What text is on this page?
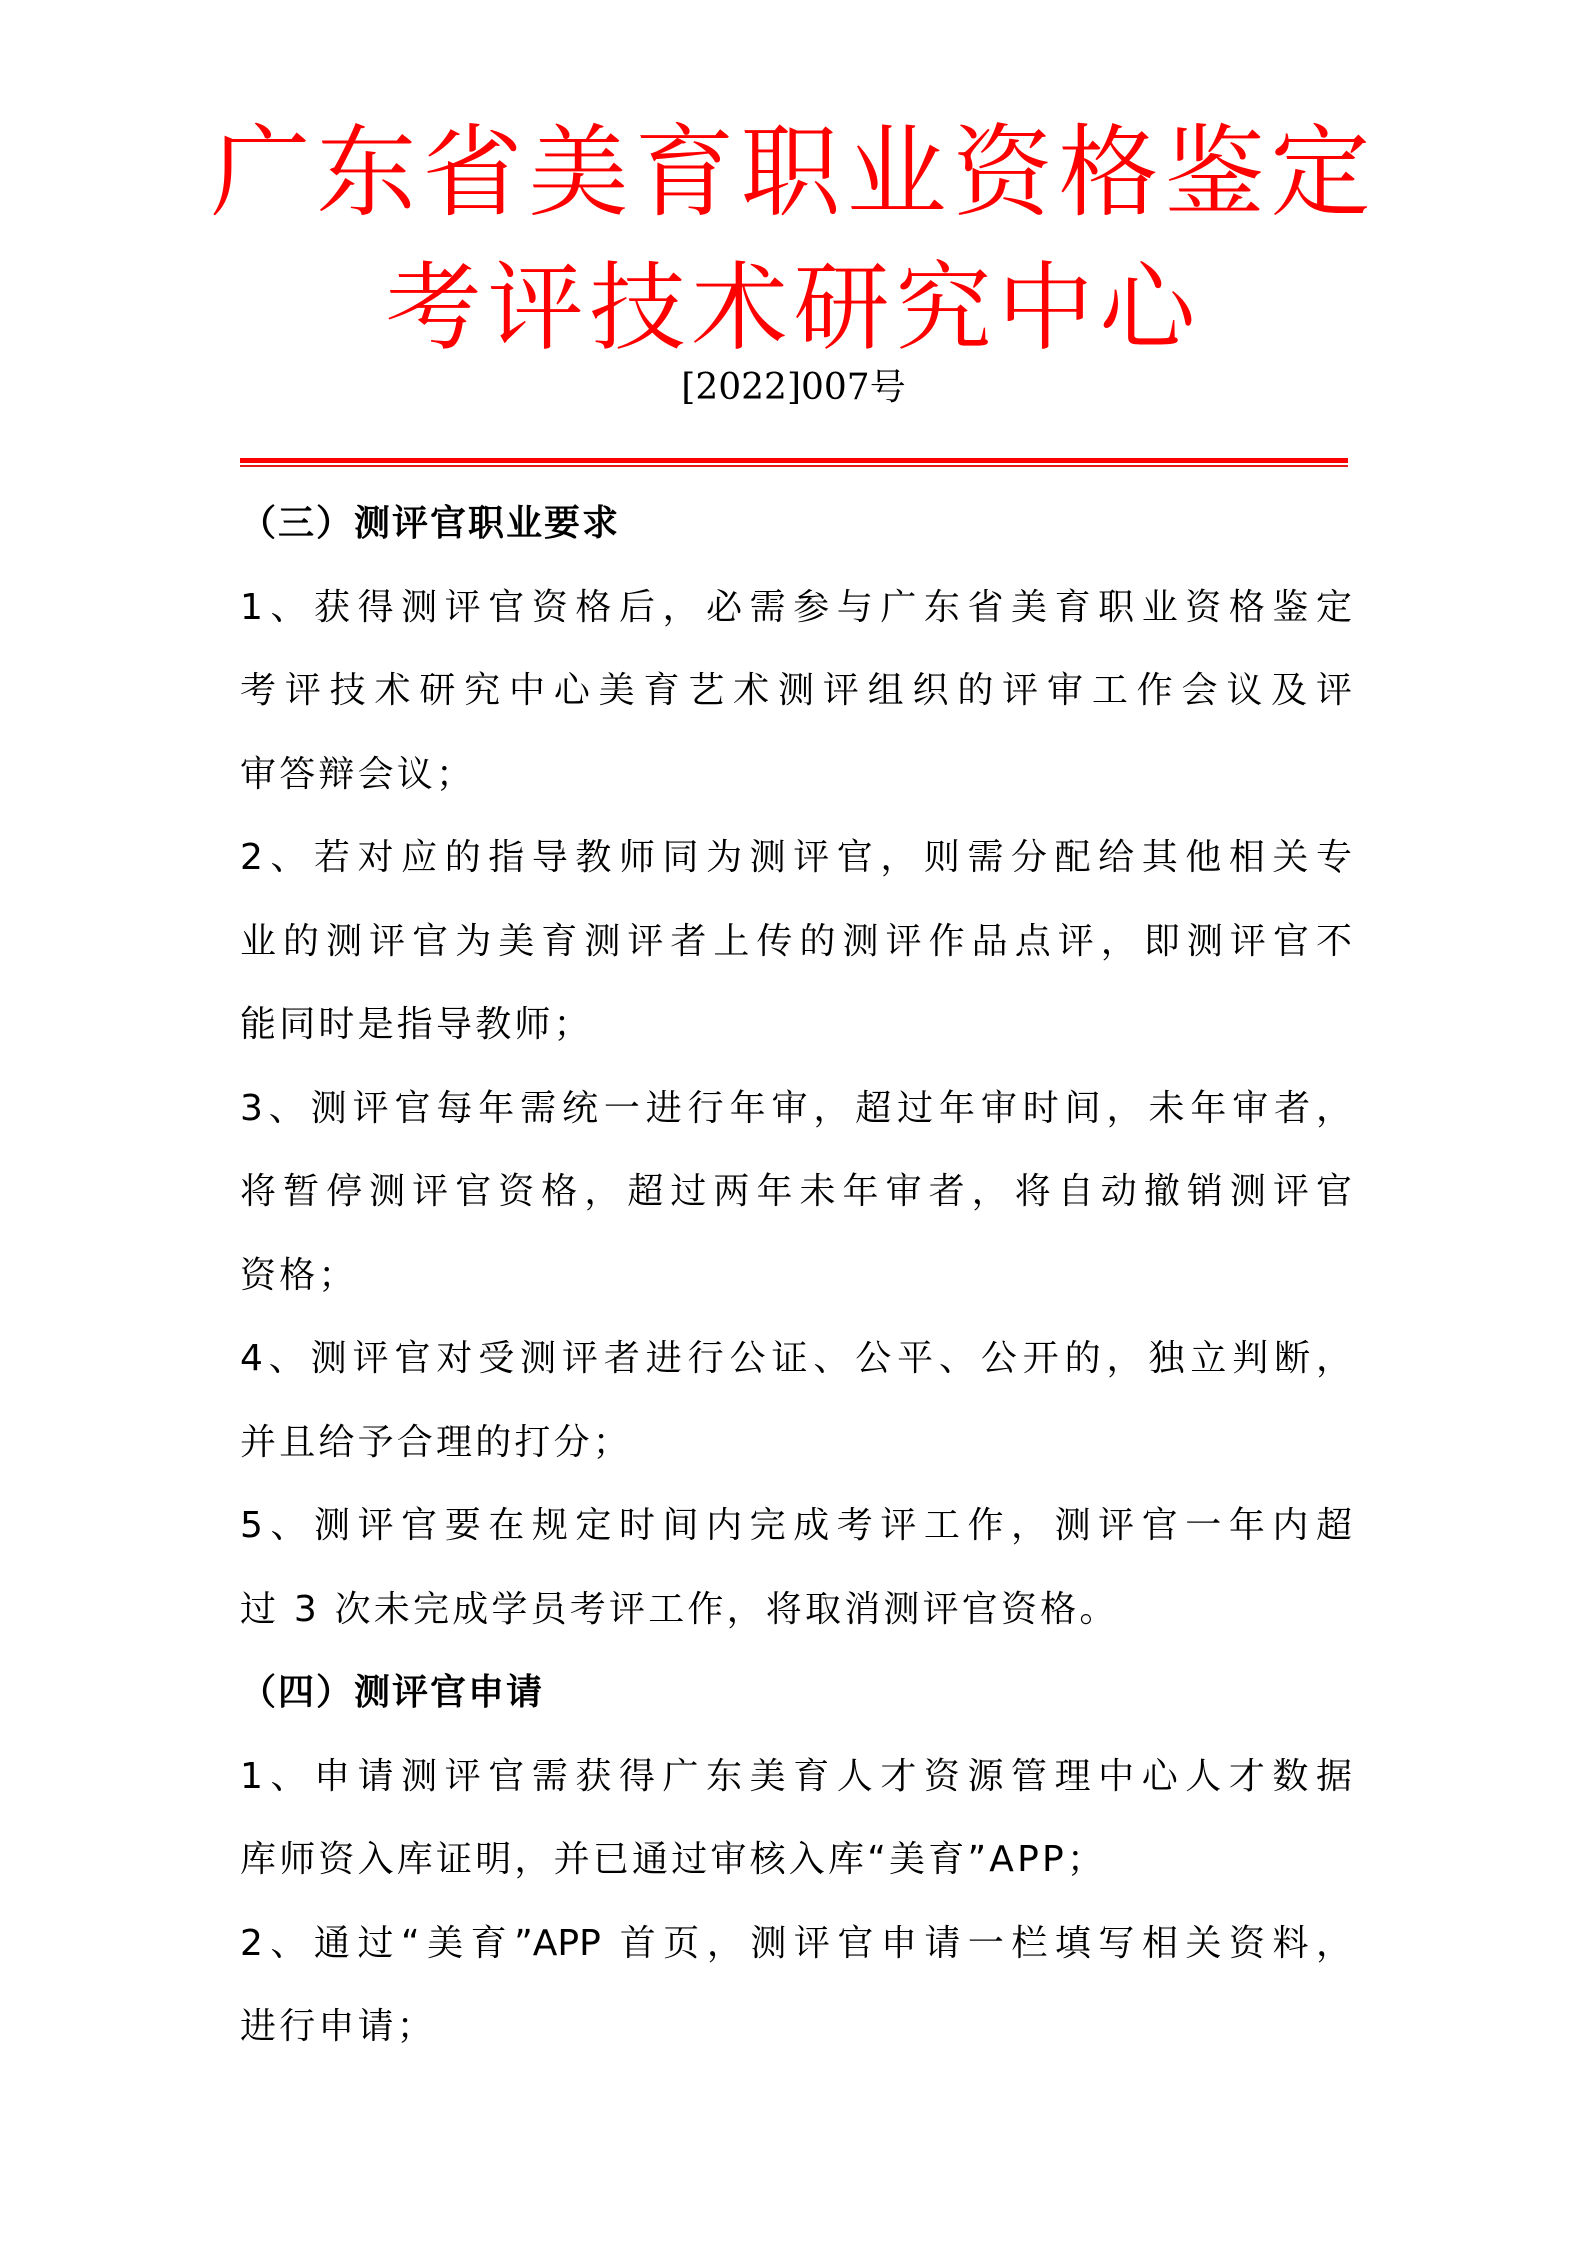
广东省美育职业资格鉴定
考评技术研究中心
[2022]007号
（三）测评官职业要求
1、获得测评官资格后，必需参与广东省美育职业资格鉴定
考评技术研究中心美育艺术测评组织的评审工作会议及评
审答辩会议；
2、若对应的指导教师同为测评官，则需分配给其他相关专
业的测评官为美育测评者上传的测评作品点评，即测评官不
能同时是指导教师；
3、测评官每年需统一进行年审，超过年审时间，未年审者，
将暂停测评官资格，超过两年未年审者，将自动撤销测评官
资格；
4、测评官对受测评者进行公证、公平、公开的，独立判断，
并且给予合理的打分；
5、测评官要在规定时间内完成考评工作，测评官一年内超
过 3 次未完成学员考评工作，将取消测评官资格。
（四）测评官申请
1、申请测评官需获得广东美育人才资源管理中心人才数据
库师资入库证明，并已通过审核入库“美育”APP；
2、通过“美育”APP 首页，测评官申请一栏填写相关资料，
进行申请；
